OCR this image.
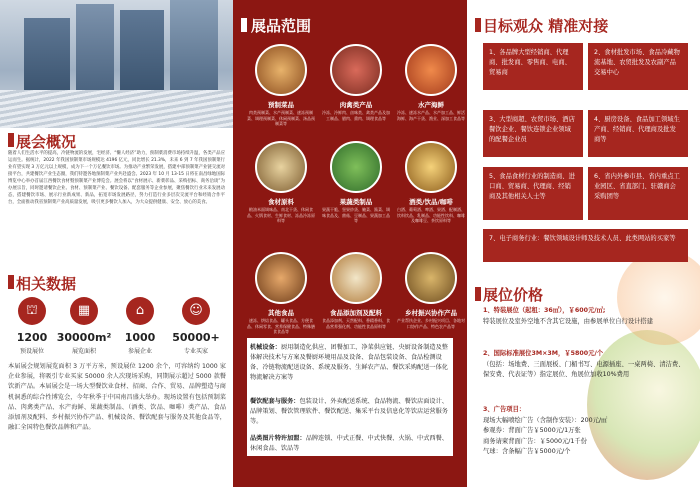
展会概况
随着人们生活水平的提高，冷链物流的发展，宅经济、“懒人经济”助力，预制菜消费市场持续升温，各类产品应运而生。据统计，2022 年我国预制菜市场规模达 4196 亿元，同比增长 21.3%，未来 6 到 7 年我国预制菜行业有望实现 3 万亿元以上规模，成为下一个万亿餐饮市场。为推动产业繁荣发展，搭建中部预制菜产业链交流对接平台，共建餐饮产业生态圈，我们特邀各地预制菜产业共赴盛会。2023 年 10 月 13-15 日将在南昌绿地国际博览中心举办首届江西餐饮食材暨预制菜产业博览会。展会将以“食材展示、新菜彰品、采购招标、商务洽谈”为办展宗旨，同时邀请餐饮企业、食材、预制菜产业、餐饮设备、配套服务等企业参展，聚焦餐饮行业未来发展动态，搭建餐饮市场、展示行业新成果、新品，拓宽市场发展路径，努力打造行业多层次交流平台和经销合作平台，全面推动我省预制菜产业高质量发展，吸引更多餐饮人加入，为大众提供健康、安全、放心的美食。
相关数据
本届展会规划展览面积 3 万平方米，预设展位 1200 余个，可容纳约 1000 家企业参展，将吸引专业买家 50000 余人次现场采购，同期展示超过 5000 款餐饮新产品。本届展会是一场大型餐饮业食材、招商、合作、贸易、品牌塑造与商机洞悉的综合性博览会，今年秋季于中国南昌盛大举办。现场设置有包括预制菜品、肉禽类产品、水产海鲜、果蔬类制品、（酒类、饮品、咖啡）类产品、食品添加剂及配料、乡村振兴协作产品、机械设备、餐饮配套与服务及其他食品等，融汇全国特色餐饮品牌和产品。
展品范围
机械设备：厨用制造化供应、团餐加工、净菜供应链、央厨设备制造及整体解决技术与方案及餐厨环境用品及设备、食品包装设备、食品检测设备、冷链物流配送设备、系统及服务、生鲜农产品、餐饮采购配送一体化物流解决方案等
餐饮配套与服务：包装设计、外卖配送系统、食品物流、餐饮店面设计、品牌策划、餐饮管理软件、餐饮配送、集采平台及信息化等饮店运营服务等。
品类图片特许加盟：品牌连锁、中式正餐、中式快餐、火锅、中式西餐、休闲食品、饮品等
目标观众 精准对接
展位价格
1、特装展位（起租：36㎡），￥600元/㎡;
特装展位及室外空地不含其它设施，由参展单位自行设计搭建
2、国际标准展位3M×3M，￥5800元/个
（包括：场地费、三面展板、门楣书写、电源插座、一桌两椅、清洁费、保安费、代表证等）指定展位、角展位加收10%费用
3、广告项目：
现场大幅喷绘广告（含制作安装）：200元/㎡
参观券：背面广告￥5000元/1万张
商务请柬背面广告：￥5000元/1千份
气球：含条幅广告￥5000元/个
⛫
1200
预设展位
▦
30000m²
展览面积
⌂
1000
参展企业
☺
50000+
专业买家
预制菜品
肉类预制菜、水产预制菜、速冻预制菜、调理预制菜、休闲预制菜、汤品预制菜等
肉禽类产品
冷冻、冷鲜肉、卤味类、禽类产品及加工制品、腊肉、熏肉、调理食品等
水产海鲜
冷冻、速冻水产品、水产加工品、鲜活海鲜、海产干货、渔业、深加工食品等
食材原料
粮油米面调味品、南北干货、休闲食品、火锅食材、生鲜食材、冻品冷冻原料等
果蔬类制品
果蔬干脆、坚果炒货、腌菜、酱菜、调味食品及、菌菇、豆制品、果蔬加工品等
酒类/饮品/咖啡
白酒、葡萄酒、啤酒、果酒、配制酒、饮料饮品、乳制品、功能性饮料、咖啡及咖啡豆、茶饮原料等
其他食品
速冻、烘焙食品、罐头食品、方便食品、休闲零食、营养保健食品、特殊膳食食品等
食品添加剂及配料
食品添加剂、天然配料、香精香料、食品营养强化剂、功能性食品原料等
乡村振兴协作产品
产业帮扶企业、乡村振兴项目、各地对口协作产品、特色农产品等
1、各品牌大型经销商、代理商、批发商、零售商、电商、贸易商
2、食材批发市场、食品冷藏物流基地、农贸批发及农副产品交易中心
3、大型商超、农贸市场、酒店餐饮企业、餐饮连锁企业领域的配餐企业员
4、厨房设备、食品加工领域生产商、经销商、代理商及批发商等
5、食品食材行业的制造商、进口商、贸易商、代理商、经销商及其他相关人士等
6、省内外参市县、省内重点工业园区、省直部门、驻赣商会采购团等
7、电子商务行业：餐饮领域设计师及技术人员、此类网站的买家等
